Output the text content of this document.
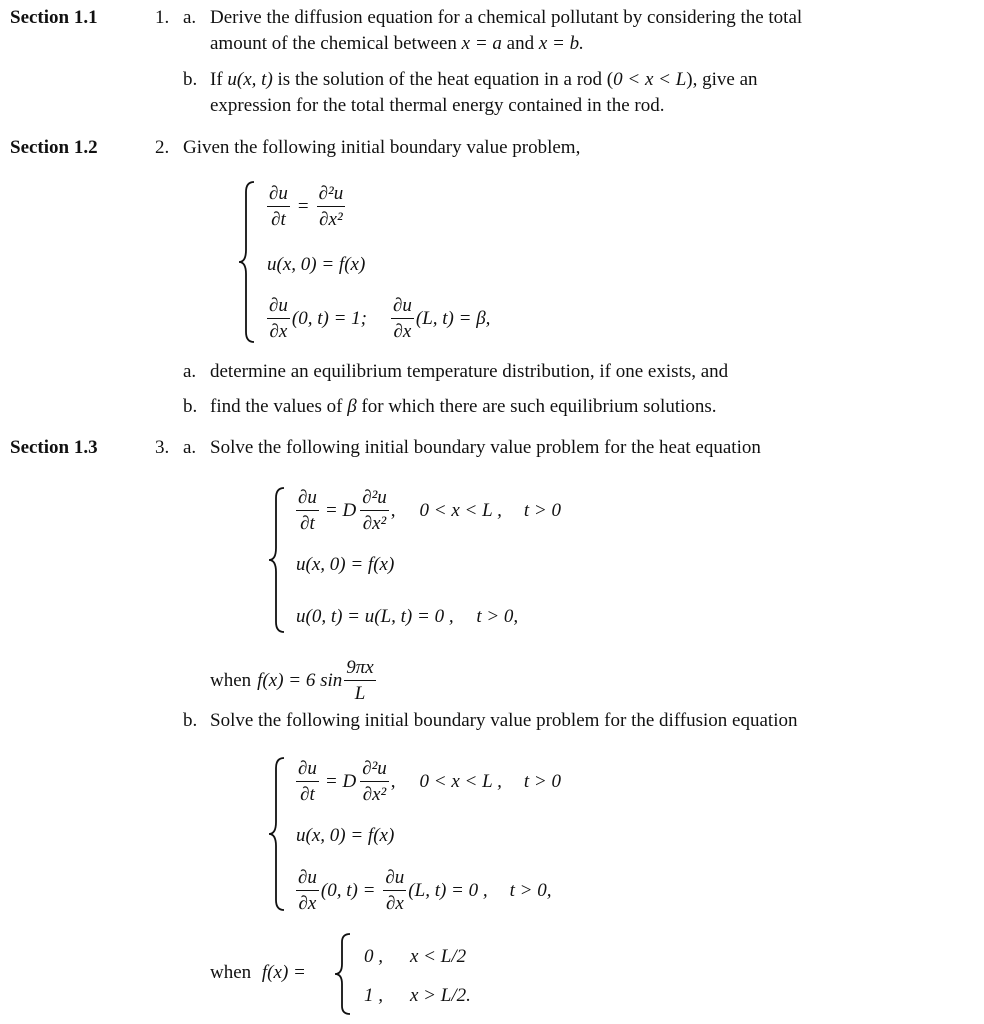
Section 1.1
Section 1.2
Section 1.3
1. a. Derive the diffusion equation for a chemical pollutant by considering the total
amount of the chemical between x = a and x = b.
b. If u(x, t) is the solution of the heat equation in a rod (0 < x < L), give an
expression for the total thermal energy contained in the rod.
2. Given the following initial boundary value problem,
$\frac{\partial u}{\partial t} = \frac{\text{∂²u}}{\text{∂x²}}$
u(x, 0) = f(x)
$\frac{\partial u}{\partial x} (0$, t) = 1; $\frac{\partial u}{\partial x} (L$, t) = β,
a. determine an equilibrium temperature distribution, if one exists, and
b. find the values of β for which there are such equilibrium solutions.
3. a. Solve the following initial boundary value problem for the heat equation
$\frac{\partial u}{\partial t} = D \frac{\text{∂²u}}{\text{∂x²}}$ , 0 < x < L , t > 0
u(x, 0) = f(x)
u(0, t) = u(L, t) = 0 , t > 0,
when f(x) = 6 $\sin \frac{9\pi x}{L}$
b. Solve the following initial boundary value problem for the diffusion equation
$\frac{\partial u}{\partial t} = D \frac{\text{∂²u}}{\text{∂x²}}$ , 0 < x < L , t > 0
u(x, 0) = f(x)
$\frac{\partial u}{\partial x} (0$, $t) = \frac{\partial u}{\partial x} (L$, t) = 0 , t > 0,
when f(x) =
0 , x < L/2
1 , x > L/2.
